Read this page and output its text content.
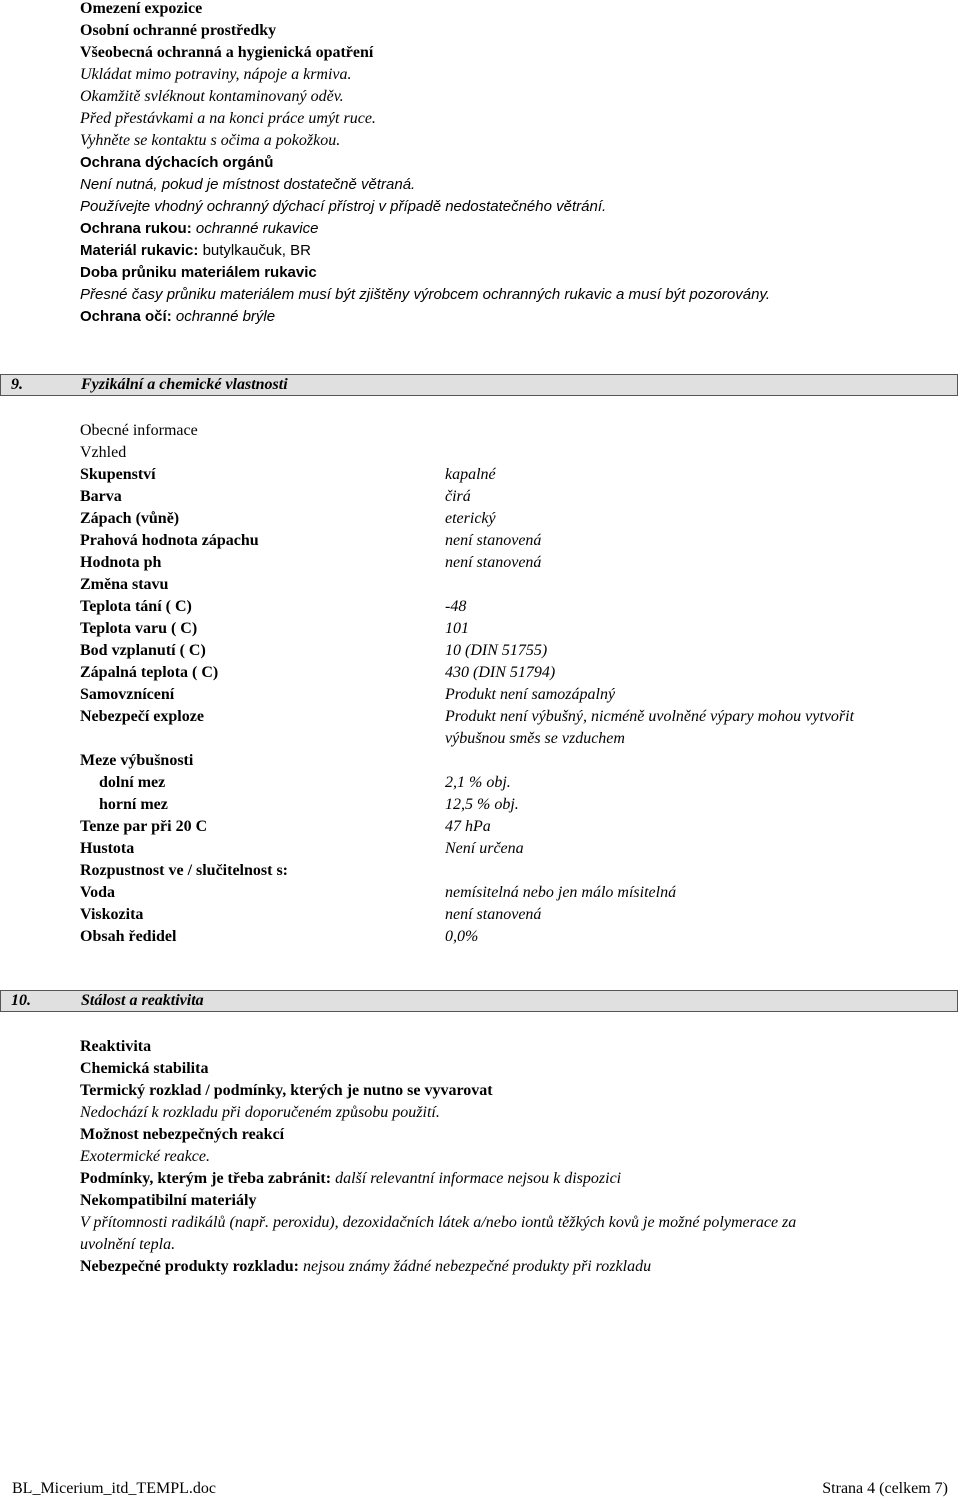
Omezení expozice
Osobní ochranné prostředky
Všeobecná ochranná a hygienická opatření
Ukládat mimo potraviny, nápoje a krmiva.
Okamžitě svléknout kontaminovaný oděv.
Před přestávkami a na konci práce umýt ruce.
Vyhněte se kontaktu s očima a pokožkou.
Ochrana dýchacích orgánů
Není nutná, pokud je místnost dostatečně větraná.
Používejte vhodný ochranný dýchací přístroj v případě nedostatečného větrání.
Ochrana rukou: ochranné rukavice
Materiál rukavic: butylkaučuk, BR
Doba průniku materiálem rukavic
Přesné časy průniku materiálem musí být zjištěny výrobcem ochranných rukavic a musí být pozorovány.
Ochrana očí: ochranné brýle
9.	Fyzikální a chemické vlastnosti
Obecné informace
Vzhled
Skupenství	kapalné
Barva	čirá
Zápach (vůně)	eterický
Prahová hodnota zápachu	není stanovená
Hodnota ph	není stanovená
Změna stavu
Teplota tání ( C)	-48
Teplota varu ( C)	101
Bod vzplanutí ( C)	10 (DIN 51755)
Zápalná teplota ( C)	430 (DIN 51794)
Samovznícení	Produkt není samozápalný
Nebezpečí exploze	Produkt není výbušný, nicméně uvolněné výpary mohou vytvořit
výbušnou směs se vzduchem
Meze výbušnosti
dolní mez	2,1 % obj.
horní mez	12,5 % obj.
Tenze par při 20 C	47 hPa
Hustota	Není určena
Rozpustnost ve / slučitelnost s:
Voda	nemísitelná nebo jen málo mísitelná
Viskozita	není stanovená
Obsah ředidel	0,0%
10.	Stálost a reaktivita
Reaktivita
Chemická stabilita
Termický rozklad / podmínky, kterých je nutno se vyvarovat
Nedochází k rozkladu při doporučeném způsobu použití.
Možnost nebezpečných reakcí
Exotermické reakce.
Podmínky, kterým je třeba zabránit: další relevantní informace nejsou k dispozici
Nekompatibilní materiály
V přítomnosti radikálů (např. peroxidu), dezoxidačních látek a/nebo iontů těžkých kovů je možné polymerace za
uvolnění tepla.
Nebezpečné produkty rozkladu: nejsou známy žádné nebezpečné produkty při rozkladu
BL_Micerium_itd_TEMPL.doc	Strana 4 (celkem 7)
